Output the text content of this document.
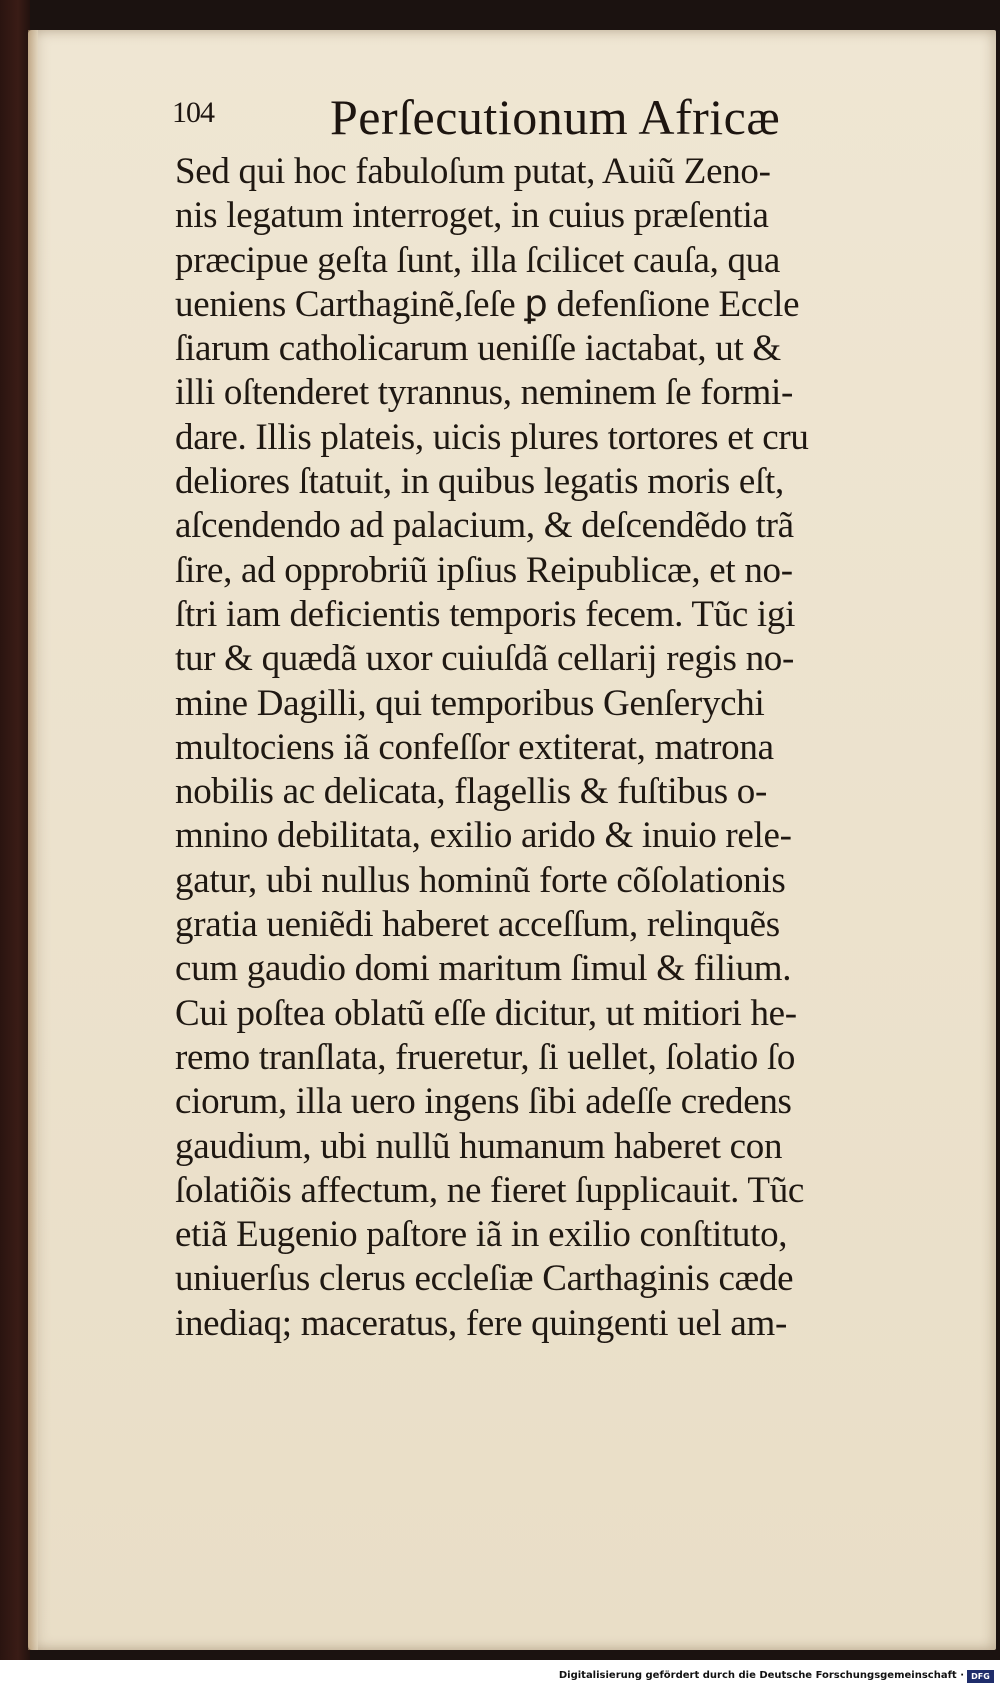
104 Perſecutionum Africæ
Sed qui hoc fabuloſum putat, Auiũ Zeno-
nis legatum interroget, in cuius præſentia
præcipue geſta ſunt, illa ſcilicet cauſa, qua
ueniens Carthaginẽ,ſeſe ꝑ defenſione Eccle
ſiarum catholicarum ueniſſe iactabat, ut &
illi oſtenderet tyrannus, neminem ſe formi-
dare. Illis plateis, uicis plures tortores et cru
deliores ſtatuit, in quibus legatis moris eſt,
aſcendendo ad palacium, & deſcendẽdo trã
ſire, ad opprobriũ ipſius Reipublicæ, et no-
ſtri iam deficientis temporis fecem. Tũc igi
tur & quædã uxor cuiuſdã cellarij regis no-
mine Dagilli, qui temporibus Genſerychi
multociens iã confeſſor extiterat, matrona
nobilis ac delicata, flagellis & fuſtibus o-
mnino debilitata, exilio arido & inuio rele-
gatur, ubi nullus hominũ forte cõſolationis
gratia ueniẽdi haberet acceſſum, relinquẽs
cum gaudio domi maritum ſimul & filium.
Cui poſtea oblatũ eſſe dicitur, ut mitiori he-
remo tranſlata, frueretur, ſi uellet, ſolatio ſo
ciorum, illa uero ingens ſibi adeſſe credens
gaudium, ubi nullũ humanum haberet con
ſolatiõis affectum, ne fieret ſupplicauit. Tũc
etiã Eugenio paſtore iã in exilio conſtituto,
uniuerſus clerus eccleſiæ Carthaginis cæde
inediaq; maceratus, fere quingenti uel am-
Digitalisierung gefördert durch die Deutsche Forschungsgemeinschaft · DFG
